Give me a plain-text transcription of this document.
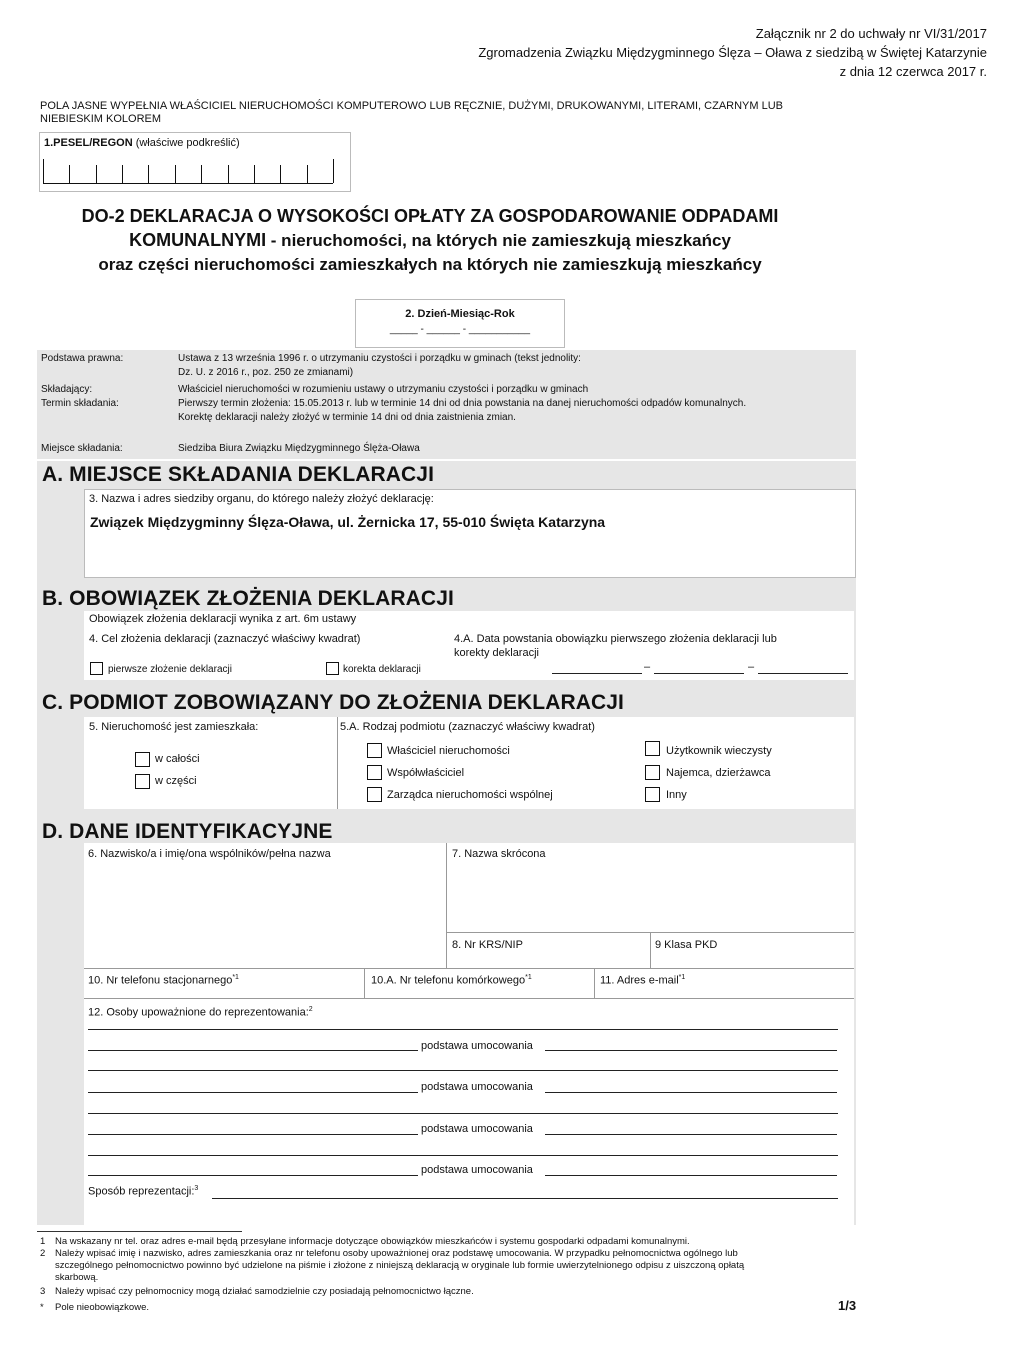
Załącznik nr 2 do uchwały nr VI/31/2017
Zgromadzenia Związku Międzygminnego Ślęza – Oława z siedzibą w Świętej Katarzynie
z dnia 12 czerwca 2017 r.
POLA JASNE WYPEŁNIA WŁAŚCICIEL NIERUCHOMOŚCI KOMPUTEROWO LUB RĘCZNIE, DUŻYMI, DRUKOWANYMI, LITERAMI, CZARNYM LUB
NIEBIESKIM KOLOREM
1.PESEL/REGON (właściwe podkreślić)
DO-2 DEKLARACJA O WYSOKOŚCI OPŁATY ZA GOSPODAROWANIE ODPADAMI
KOMUNALNYMI - nieruchomości, na których nie zamieszkują mieszkańcy
oraz części nieruchomości zamieszkałych na których nie zamieszkują mieszkańcy
2. Dzień-Miesiąc-Rok
_____ - ______ - ___________
Podstawa prawna:	Ustawa z 13 września 1996 r. o utrzymaniu czystości i porządku w gminach (tekst jednolity:
Dz. U. z 2016 r., poz. 250 ze zmianami)
Składający:	Właściciel nieruchomości w rozumieniu ustawy o utrzymaniu czystości i porządku w gminach
Termin składania:	Pierwszy termin złożenia: 15.05.2013 r. lub w terminie 14 dni od dnia powstania na danej nieruchomości odpadów komunalnych.
Korektę deklaracji należy złożyć w terminie 14 dni od dnia zaistnienia zmian.
Miejsce składania:	Siedziba Biura Związku Międzygminnego Ślęża-Oława
A. MIEJSCE SKŁADANIA DEKLARACJI
3. Nazwa i adres siedziby organu, do którego należy złożyć deklarację:
Związek Międzygminny Ślęza-Oława, ul. Żernicka 17, 55-010 Święta Katarzyna
B. OBOWIĄZEK ZŁOŻENIA DEKLARACJI
Obowiązek złożenia deklaracji wynika z art. 6m ustawy
4. Cel złożenia deklaracji (zaznaczyć właściwy kwadrat)
pierwsze złożenie deklaracji	korekta deklaracji
4.A. Data powstania obowiązku pierwszego złożenia deklaracji lub
korekty deklaracji
–	–
C. PODMIOT ZOBOWIĄZANY DO ZŁOŻENIA DEKLARACJI
5. Nieruchomość jest zamieszkała:
w całości
w części
5.A. Rodzaj podmiotu (zaznaczyć właściwy kwadrat)
Właściciel nieruchomości
Współwłaściciel
Zarządca nieruchomości wspólnej
Użytkownik wieczysty
Najemca, dzierżawca
Inny
D. DANE IDENTYFIKACYJNE
6. Nazwisko/a i imię/ona wspólników/pełna nazwa	7. Nazwa skrócona
8. Nr KRS/NIP	9 Klasa PKD
10. Nr telefonu stacjonarnego$^{*1}$	10.A. Nr telefonu komórkowego$^{*1}$	11. Adres e-mail$^{*1}$
12. Osoby upoważnione do reprezentowania:$^2$
podstawa umocowania
podstawa umocowania
podstawa umocowania
podstawa umocowania
Sposób reprezentacji:$^3$
1 Na wskazany nr tel. oraz adres e-mail będą przesyłane informacje dotyczące obowiązków mieszkańców i systemu gospodarki odpadami komunalnymi.
2 Należy wpisać imię i nazwisko, adres zamieszkania oraz nr telefonu osoby upoważnionej oraz podstawę umocowania. W przypadku pełnomocnictwa ogólnego lub
szczególnego pełnomocnictwo powinno być udzielone na piśmie i złożone z niniejszą deklaracją w oryginale lub formie uwierzytelnionego odpisu z uiszczoną opłatą
skarbową.
3 Należy wpisać czy pełnomocnicy mogą działać samodzielnie czy posiadają pełnomocnictwo łączne.
* Pole nieobowiązkowe.	1/3
